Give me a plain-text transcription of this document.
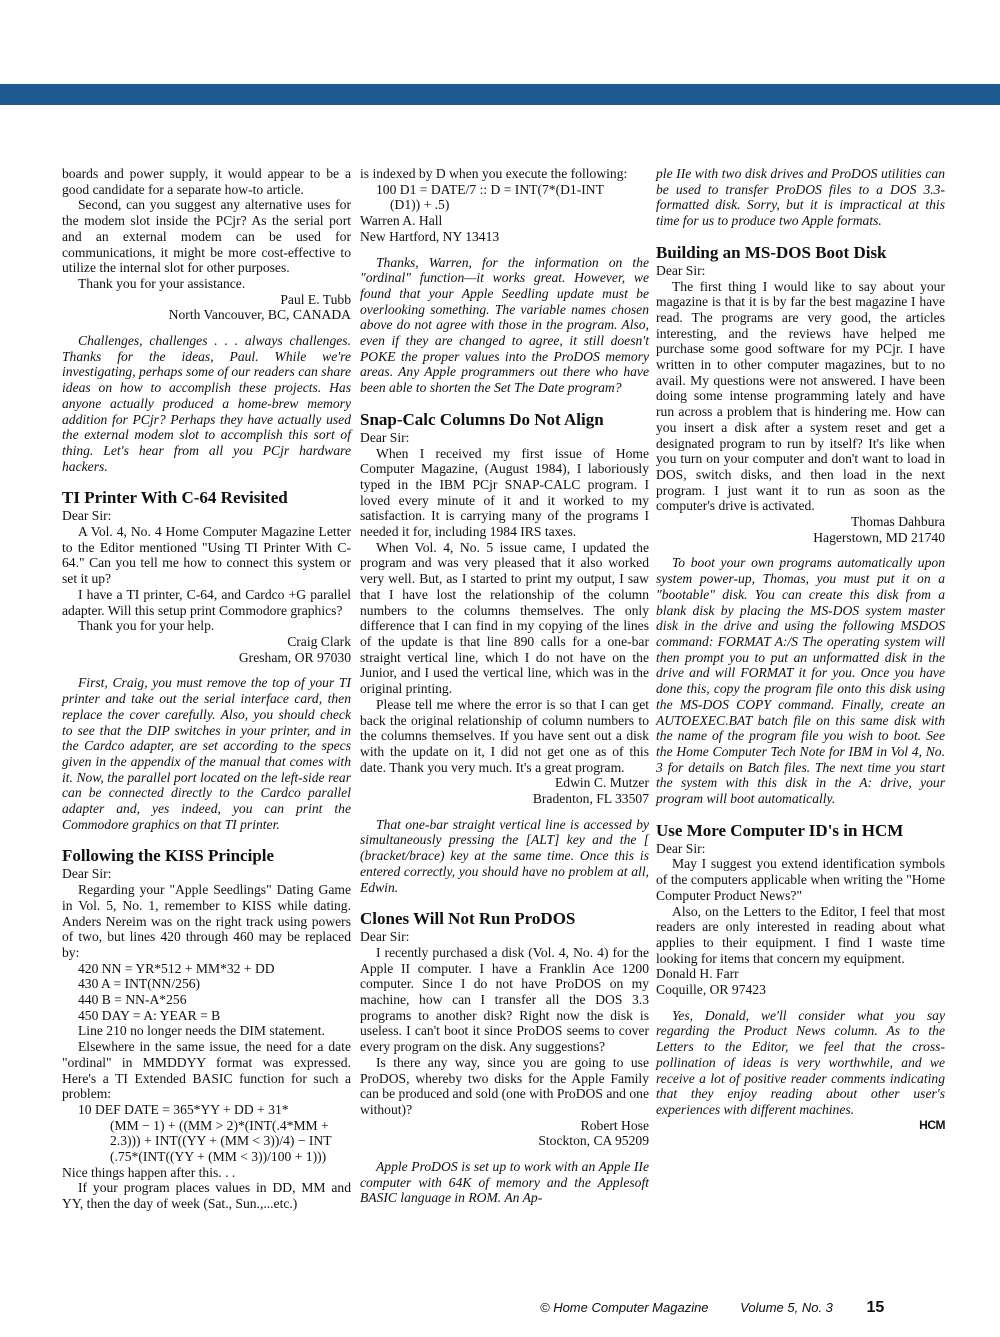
boards and power supply, it would appear to be a good candidate for a separate how-to article.

Second, can you suggest any alternative uses for the modem slot inside the PCjr? As the serial port and an external modem can be used for communications, it might be more cost-effective to utilize the internal slot for other purposes.

Thank you for your assistance.

Paul E. Tubb

North Vancouver, BC, CANADA

Challenges, challenges . . . always challenges. Thanks for the ideas, Paul. While we're investigating, perhaps some of our readers can share ideas on how to accomplish these projects. Has anyone actually produced a home-brew memory addition for PCjr? Perhaps they have actually used the external modem slot to accomplish this sort of thing. Let's hear from all you PCjr hardware hackers.

TI Printer With C-64 Revisited

Dear Sir:

A Vol. 4, No. 4 Home Computer Magazine Letter to the Editor mentioned "Using TI Printer With C-64." Can you tell me how to connect this system or set it up?

I have a TI printer, C-64, and Cardco +G parallel adapter. Will this setup print Commodore graphics?

Thank you for your help.

Craig Clark

Gresham, OR 97030

First, Craig, you must remove the top of your TI printer and take out the serial interface card, then replace the cover carefully. Also, you should check to see that the DIP switches in your printer, and in the Cardco adapter, are set according to the specs given in the appendix of the manual that comes with it. Now, the parallel port located on the left-side rear can be connected directly to the Cardco parallel adapter and, yes indeed, you can print the Commodore graphics on that TI printer.

Following the KISS Principle

Dear Sir:

Regarding your "Apple Seedlings" Dating Game in Vol. 5, No. 1, remember to KISS while dating. Anders Nereim was on the right track using powers of two, but lines 420 through 460 may be replaced by:

420 NN = YR*512 + MM*32 + DD

430 A = INT(NN/256)

440 B = NN-A*256

450 DAY = A: YEAR = B

Line 210 no longer needs the DIM statement.

Elsewhere in the same issue, the need for a date "ordinal" in MMDDYY format was expressed. Here's a TI Extended BASIC function for such a problem:

10 DEF DATE = 365*YY + DD + 31*

(MM − 1) + ((MM > 2)*(INT(.4*MM +

2.3))) + INT((YY + (MM < 3))/4) − INT

(.75*(INT((YY + (MM < 3))/100 + 1)))

Nice things happen after this. . .

If your program places values in DD, MM and YY, then the day of week (Sat., Sun.,...etc.)

is indexed by D when you execute the following:

100 D1 = DATE/7 :: D = INT(7*(D1-INT

(D1)) + .5)

Warren A. Hall

New Hartford, NY 13413

Thanks, Warren, for the information on the "ordinal" function—it works great. However, we found that your Apple Seedling update must be overlooking something. The variable names chosen above do not agree with those in the program. Also, even if they are changed to agree, it still doesn't POKE the proper values into the ProDOS memory areas. Any Apple programmers out there who have been able to shorten the Set The Date program?

Snap-Calc Columns Do Not Align

Dear Sir:

When I received my first issue of Home Computer Magazine, (August 1984), I laboriously typed in the IBM PCjr SNAP-CALC program. I loved every minute of it and it worked to my satisfaction. It is carrying many of the programs I needed it for, including 1984 IRS taxes.

When Vol. 4, No. 5 issue came, I updated the program and was very pleased that it also worked very well. But, as I started to print my output, I saw that I have lost the relationship of the column numbers to the columns themselves. The only difference that I can find in my copying of the lines of the update is that line 890 calls for a one-bar straight vertical line, which I do not have on the Junior, and I used the vertical line, which was in the original printing.

Please tell me where the error is so that I can get back the original relationship of column numbers to the columns themselves. If you have sent out a disk with the update on it, I did not get one as of this date. Thank you very much. It's a great program.

Edwin C. Mutzer

Bradenton, FL 33507

That one-bar straight vertical line is accessed by simultaneously pressing the [ALT] key and the [ (bracket/brace) key at the same time. Once this is entered correctly, you should have no problem at all, Edwin.

Clones Will Not Run ProDOS

Dear Sir:

I recently purchased a disk (Vol. 4, No. 4) for the Apple II computer. I have a Franklin Ace 1200 computer. Since I do not have ProDOS on my machine, how can I transfer all the DOS 3.3 programs to another disk? Right now the disk is useless. I can't boot it since ProDOS seems to cover every program on the disk. Any suggestions?

Is there any way, since you are going to use ProDOS, whereby two disks for the Apple Family can be produced and sold (one with ProDOS and one without)?

Robert Hose

Stockton, CA 95209

Apple ProDOS is set up to work with an Apple IIe computer with 64K of memory and the Applesoft BASIC language in ROM. An Ap-

ple IIe with two disk drives and ProDOS utilities can be used to transfer ProDOS files to a DOS 3.3-formatted disk. Sorry, but it is impractical at this time for us to produce two Apple formats.

Building an MS-DOS Boot Disk

Dear Sir:

The first thing I would like to say about your magazine is that it is by far the best magazine I have read. The programs are very good, the articles interesting, and the reviews have helped me purchase some good software for my PCjr. I have written in to other computer magazines, but to no avail. My questions were not answered. I have been doing some intense programming lately and have run across a problem that is hindering me. How can you insert a disk after a system reset and get a designated program to run by itself? It's like when you turn on your computer and don't want to load in DOS, switch disks, and then load in the next program. I just want it to run as soon as the computer's drive is activated.

Thomas Dahbura

Hagerstown, MD 21740

To boot your own programs automatically upon system power-up, Thomas, you must put it on a "bootable" disk. You can create this disk from a blank disk by placing the MS-DOS system master disk in the drive and using the following MSDOS command: FORMAT A:/S The operating system will then prompt you to put an unformatted disk in the drive and will FORMAT it for you. Once you have done this, copy the program file onto this disk using the MS-DOS COPY command. Finally, create an AUTOEXEC.BAT batch file on this same disk with the name of the program file you wish to boot. See the Home Computer Tech Note for IBM in Vol 4, No. 3 for details on Batch files. The next time you start the system with this disk in the A: drive, your program will boot automatically.

Use More Computer ID's in HCM

Dear Sir:

May I suggest you extend identification symbols of the computers applicable when writing the "Home Computer Product News?"

Also, on the Letters to the Editor, I feel that most readers are only interested in reading about what applies to their equipment. I find I waste time looking for items that concern my equipment.

Donald H. Farr

Coquille, OR 97423

Yes, Donald, we'll consider what you say regarding the Product News column. As to the Letters to the Editor, we feel that the cross-pollination of ideas is very worthwhile, and we receive a lot of positive reader comments indicating that they enjoy reading about other user's experiences with different machines.

HCM

© Home Computer Magazine Volume 5, No. 3 15
